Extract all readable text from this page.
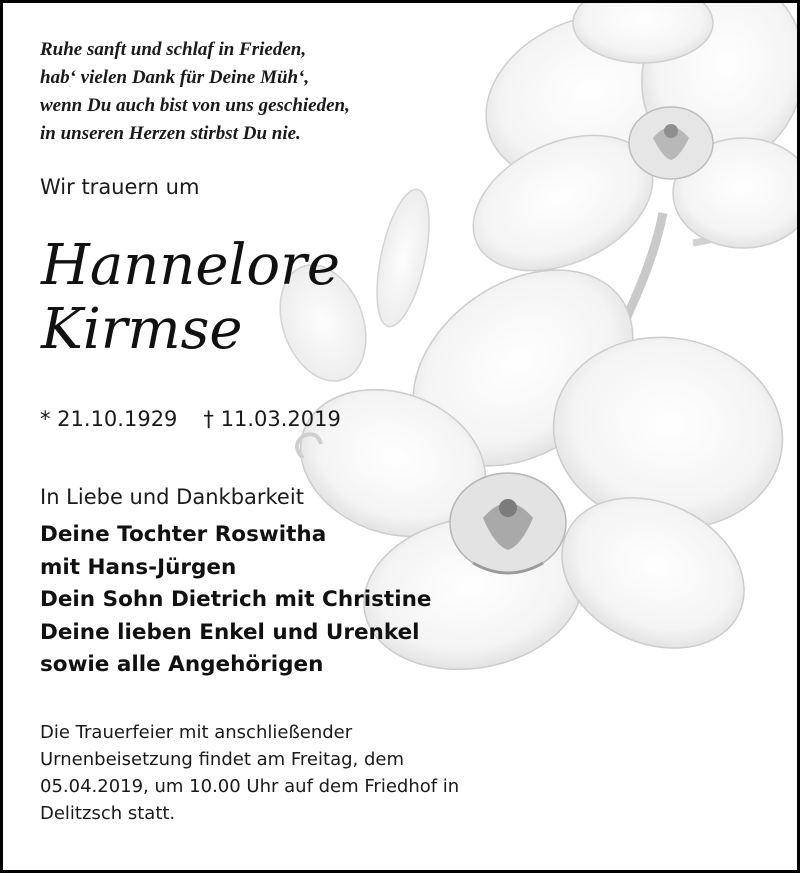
Ruhe sanft und schlaf in Frieden,
hab‘ vielen Dank für Deine Müh‘,
wenn Du auch bist von uns geschieden,
in unseren Herzen stirbst Du nie.
Wir trauern um
Hannelore
Kirmse
* 21.10.1929 † 11.03.2019
In Liebe und Dankbarkeit
Deine Tochter Roswitha
mit Hans-Jürgen
Dein Sohn Dietrich mit Christine
Deine lieben Enkel und Urenkel
sowie alle Angehörigen
Die Trauerfeier mit anschließender
Urnenbeisetzung findet am Freitag, dem
05.04.2019, um 10.00 Uhr auf dem Friedhof in
Delitzsch statt.
